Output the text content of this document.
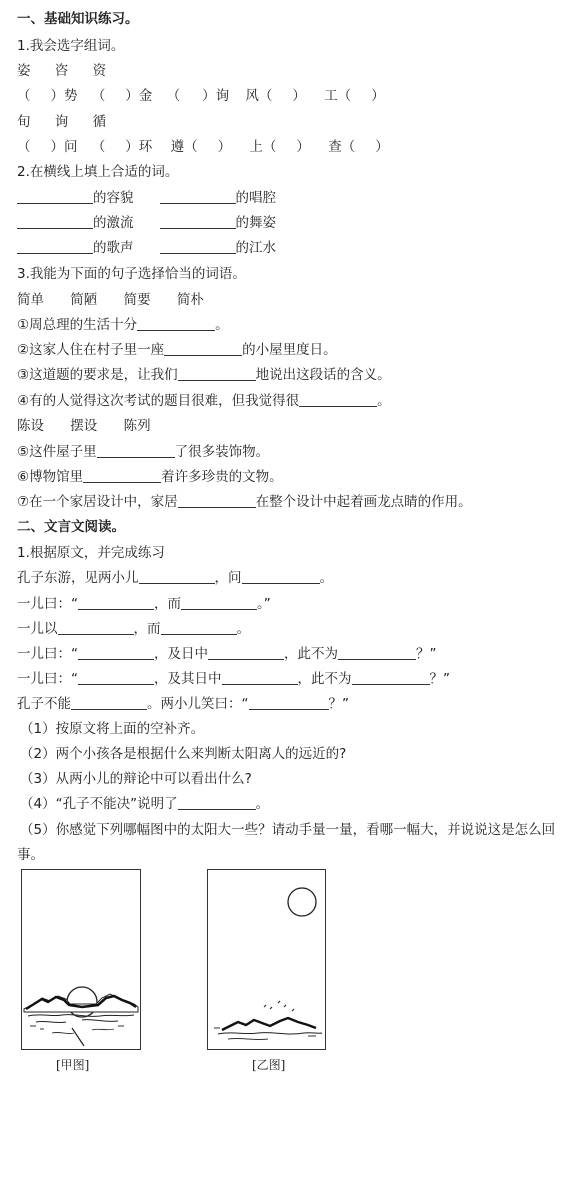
一、基础知识练习。
1.我会选字组词。
姿 咨 资
（ ）势 （ ）金 （ ）询 风（ ） 工（ ）
旬 询 循
（ ）问 （ ）环 遵（ ） 上（ ） 查（ ）
2.在横线上填上合适的词。
的容貌	的唱腔
的激流	的舞姿
的歌声	的江水
3.我能为下面的句子选择恰当的词语。
简单 简陋 简要 简朴
①周总理的生活十分	。
②这家人住在村子里一座	的小屋里度日。
③这道题的要求是，让我们	地说出这段话的含义。
④有的人觉得这次考试的题目很难，但我觉得很	。
陈设 摆设 陈列
⑤这件屋子里	了很多装饰物。
⑥博物馆里	着许多珍贵的文物。
⑦在一个家居设计中，家居	在整个设计中起着画龙点睛的作用。
二、文言文阅读。
1.根据原文，并完成练习
孔子东游，见两小儿	，问	。
一儿曰：“	，而	。”
一儿以	，而	。
一儿曰：“	，及日中	，此不为	？”
一儿曰：“	，及其日中	，此不为	？”
孔子不能	。两小儿笑曰：“	？”
（1）按原文将上面的空补齐。
（2）两个小孩各是根据什么来判断太阳离人的远近的?
（3）从两小儿的辩论中可以看出什么?
（4）“孔子不能决”说明了	。
（5）你感觉下列哪幅图中的太阳大一些？请动手量一量，看哪一幅大，并说说这是怎么回
事。
[甲图]	[乙图]
